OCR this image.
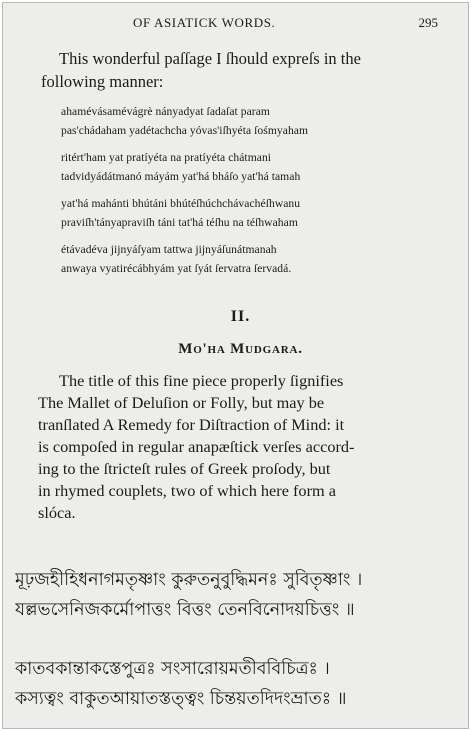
OF ASIATICK WORDS.	295

This wonderful paſſage I ſhould expreſs in the
following manner:

ahamévásamévágrè nányadyat ſadaſat param
pas'chádaham yadétachcha yóvas'iſhyéta ſośmyaham
ritért'ham yat pratíyéta na pratíyéta chátmani
tadvidyádátmanó máyám yat'há bháſo yat'há tamah
yat'há mahánti bhútáni bhútéſhúchchávachéſhwanu
praviſh'tányapraviſh táni tat'há téſhu na téſhwaham
étávadéva jijnyáſyam tattwa jijnyáſunátmanah
anwaya vyatirécábhyám yat ſyát ſervatra ſervadá.
II.
Mo'ha Mudgara.

The title of this fine piece properly ſignifies
The Mallet of Deluſion or Folly, but may be
tranſlated A Remedy for Diſtraction of Mind: it
is compoſed in regular anapæſtick verſes accord-
ing to the ſtricteſt rules of Greek proſody, but
in rhymed couplets, two of which here form a
slóca.

মূঢ়জহীহিধনাগমতৃষ্ণাং কুরুতনুবুদ্ধিমনঃ সুবিতৃষ্ণাং ।
যল্লভসেনিজকর্মোপাত্তং বিত্তং তেনবিনোদয়চিত্তং ॥
কাতবকান্তাকস্তেপুত্রঃ সংসারোয়মতীববিচিত্রঃ ।
কস্যত্বং বাকুতআয়াতস্তত্ত্বং চিন্তয়তদিদংভ্রাতঃ ॥
